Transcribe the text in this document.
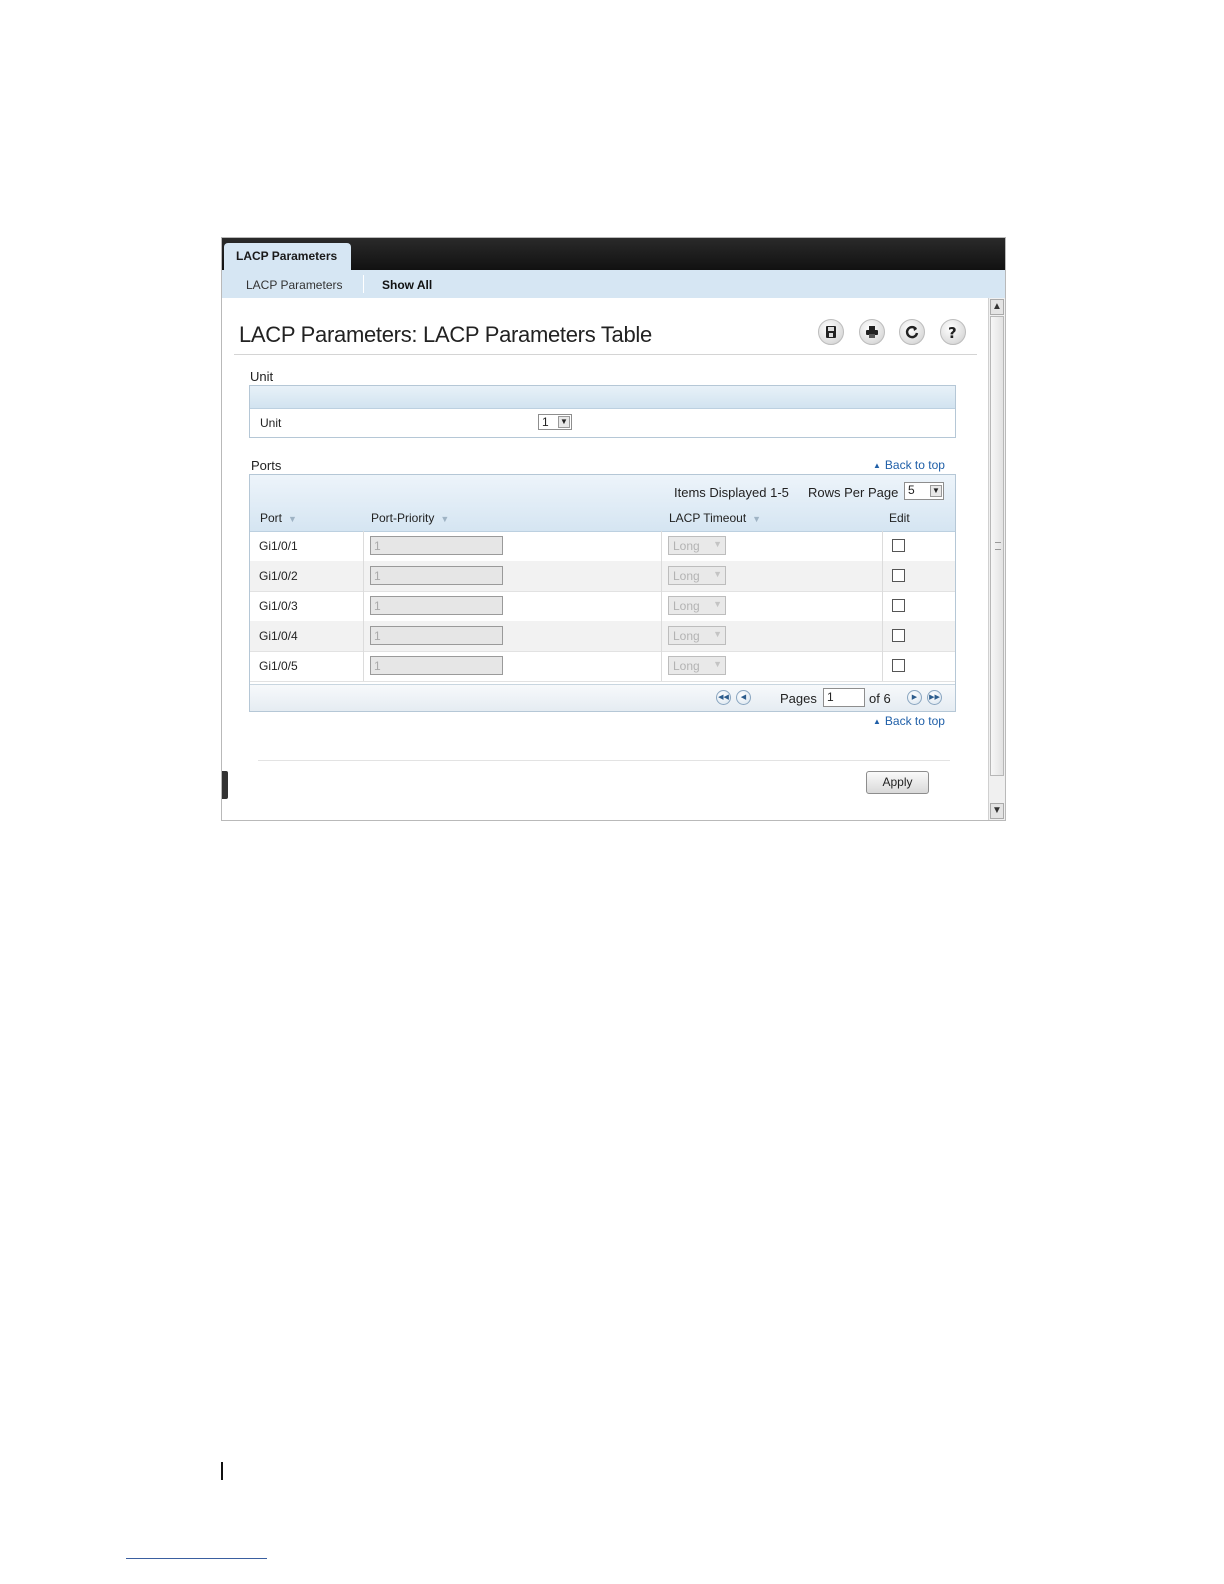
LACP Parameters
LACP Parameters	Show All
LACP Parameters: LACP Parameters Table	?
Unit
Unit	1 ▼
Ports	▲ Back to top
Items Displayed 1-5 Rows Per Page 5 ▼
Port ▼	Port-Priority ▼	LACP Timeout ▼	Edit
Gi1/0/1	1	Long ▼
Gi1/0/2	1	Long ▼
Gi1/0/3	1	Long ▼
Gi1/0/4	1	Long ▼
Gi1/0/5	1	Long ▼
◀◀	◀	Pages 1	of 6	▶	▶▶
▲ Back to top
Apply
▲
▼
